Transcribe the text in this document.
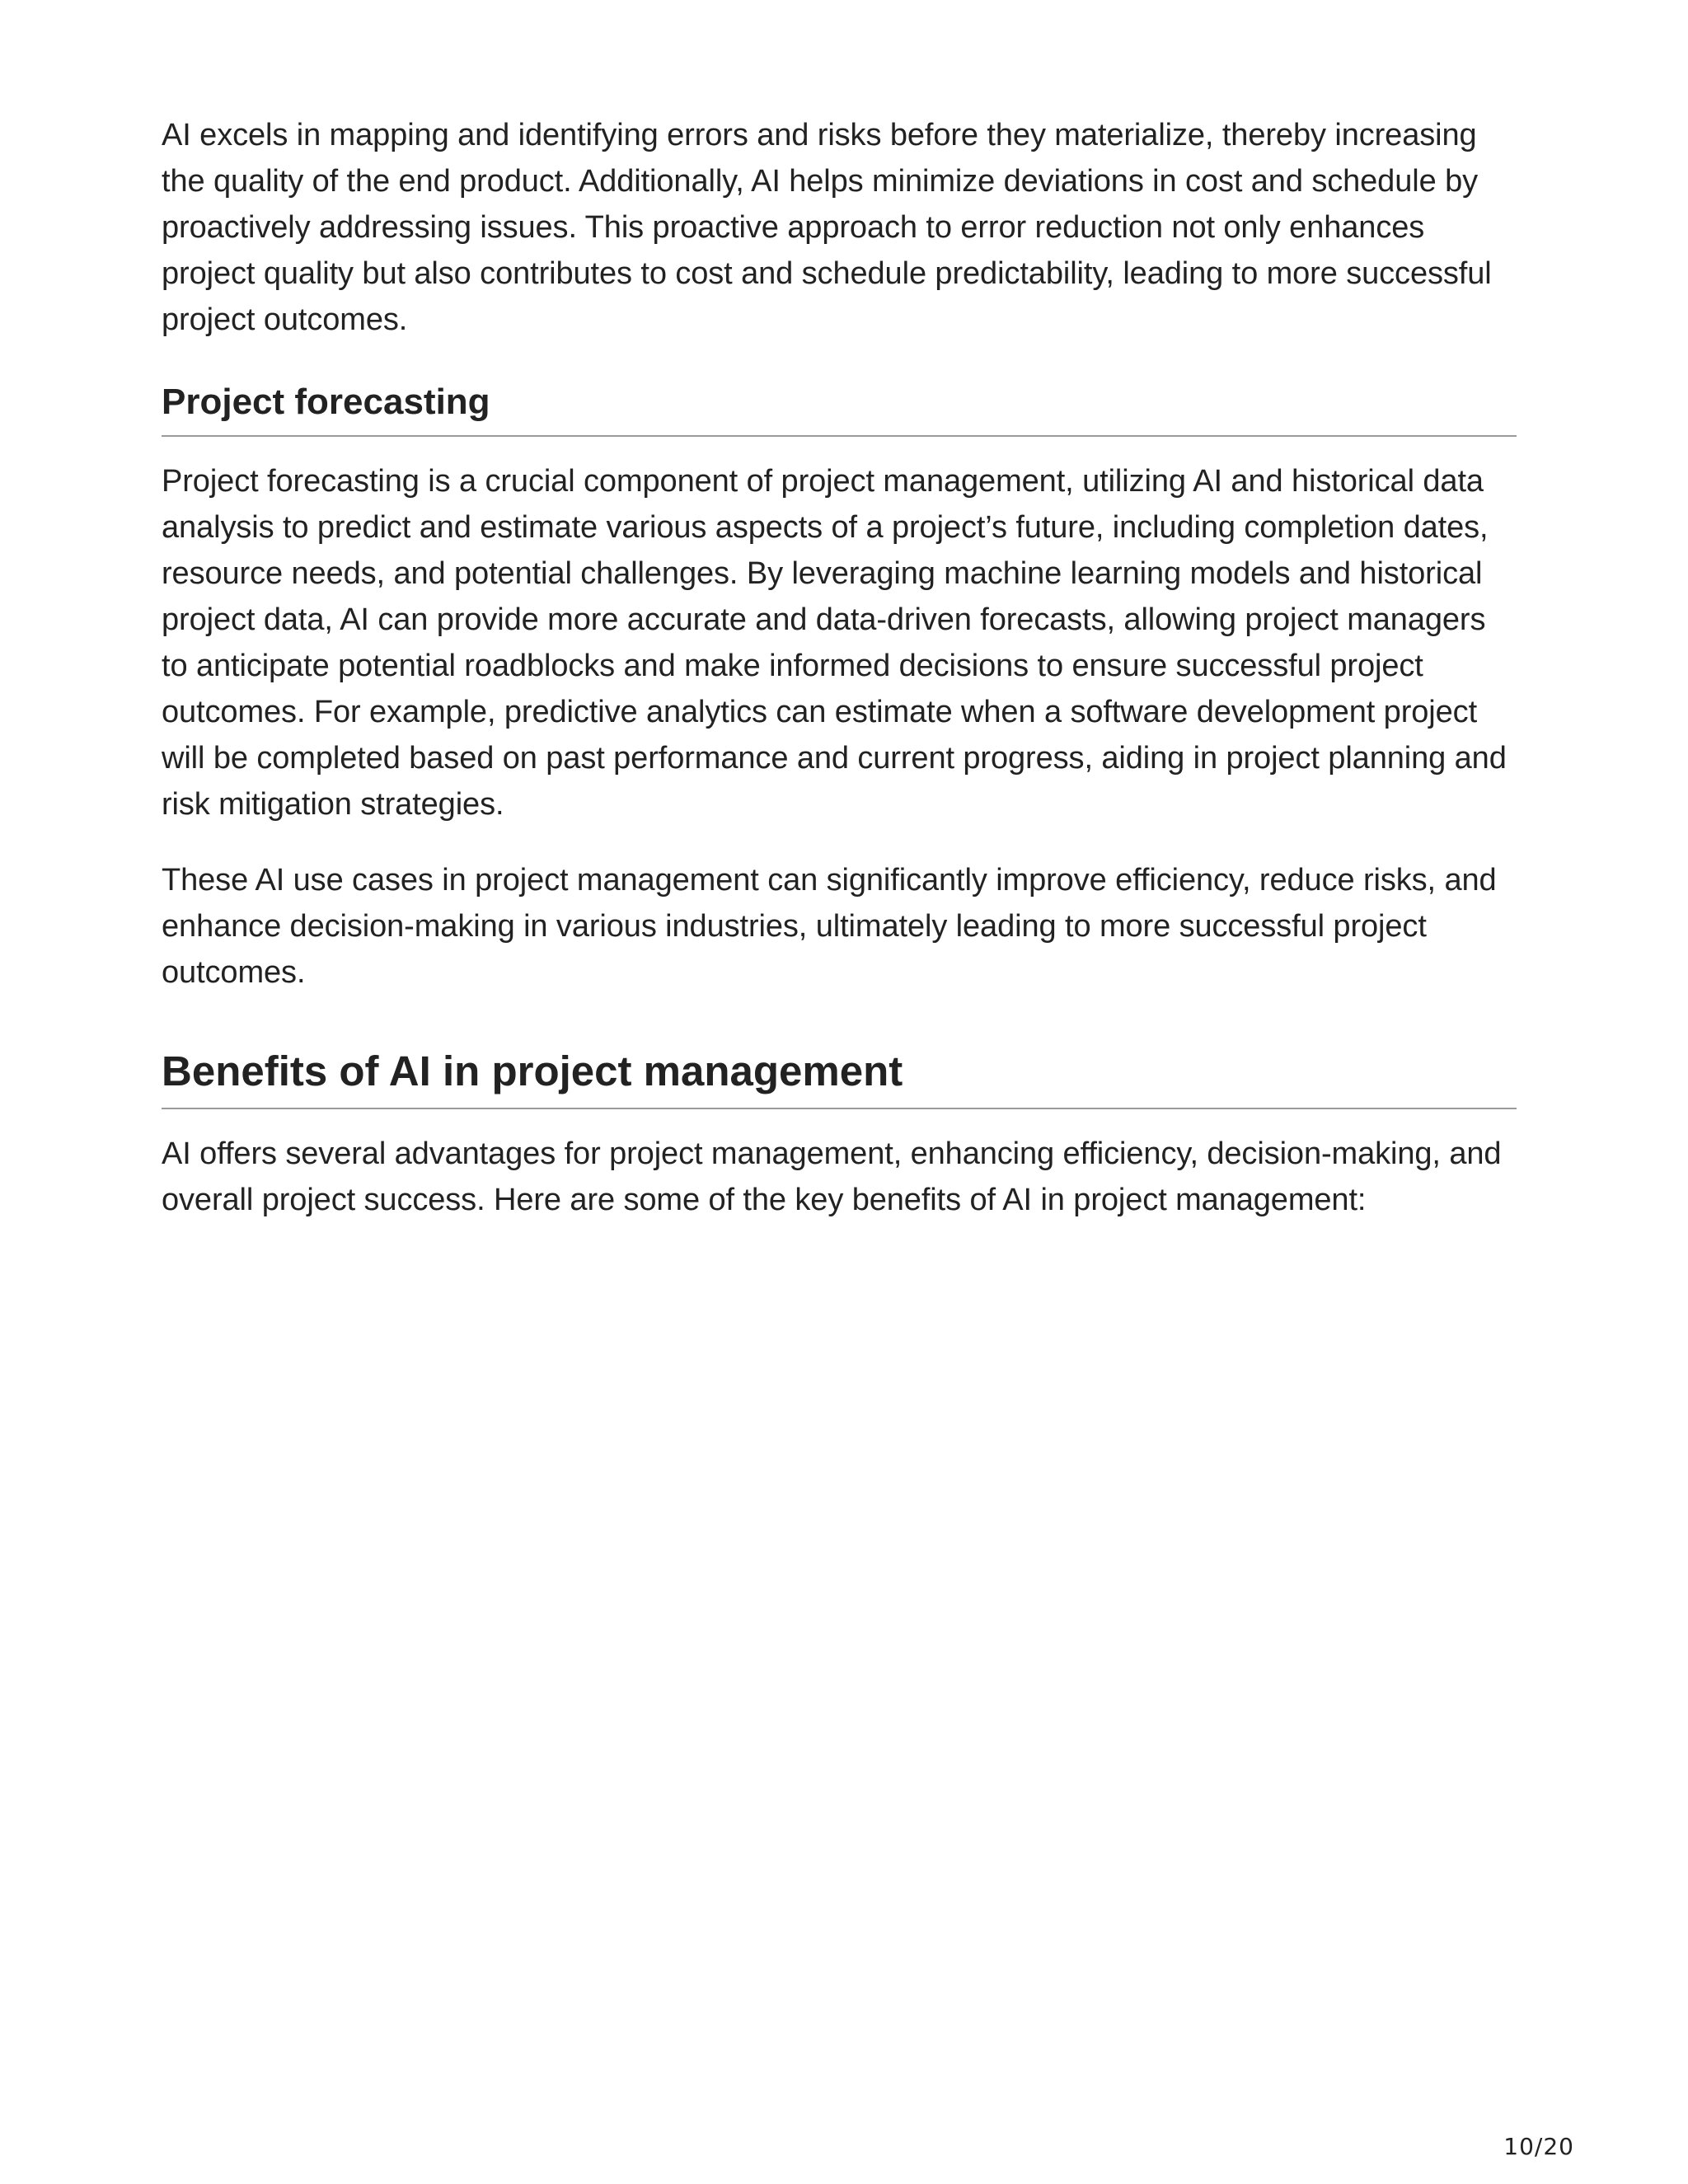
AI excels in mapping and identifying errors and risks before they materialize, thereby increasing the quality of the end product. Additionally, AI helps minimize deviations in cost and schedule by proactively addressing issues. This proactive approach to error reduction not only enhances project quality but also contributes to cost and schedule predictability, leading to more successful project outcomes.

Project forecasting

Project forecasting is a crucial component of project management, utilizing AI and historical data analysis to predict and estimate various aspects of a project’s future, including completion dates, resource needs, and potential challenges. By leveraging machine learning models and historical project data, AI can provide more accurate and data-driven forecasts, allowing project managers to anticipate potential roadblocks and make informed decisions to ensure successful project outcomes. For example, predictive analytics can estimate when a software development project will be completed based on past performance and current progress, aiding in project planning and risk mitigation strategies.

These AI use cases in project management can significantly improve efficiency, reduce risks, and enhance decision-making in various industries, ultimately leading to more successful project outcomes.

Benefits of AI in project management

AI offers several advantages for project management, enhancing efficiency, decision-making, and overall project success. Here are some of the key benefits of AI in project management:

10/20
